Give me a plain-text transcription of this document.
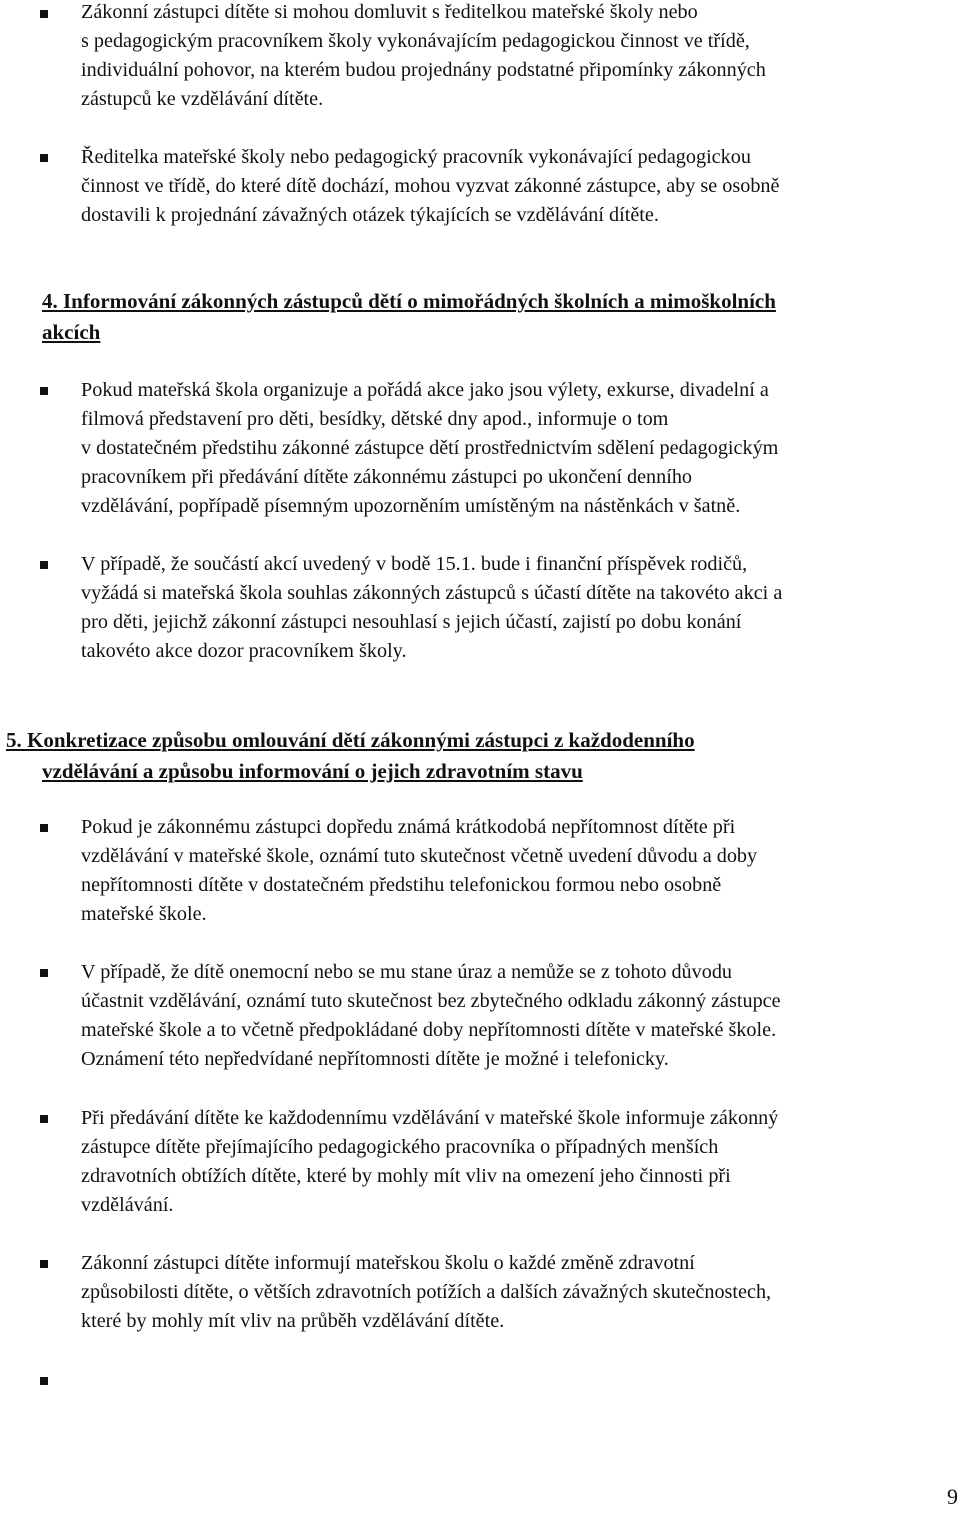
Zákonní zástupci dítěte si mohou domluvit s ředitelkou mateřské školy nebo
s pedagogickým pracovníkem školy vykonávajícím pedagogickou činnost ve třídě,
individuální pohovor, na kterém budou projednány podstatné připomínky zákonných
zástupců ke vzdělávání dítěte.
Ředitelka mateřské školy nebo pedagogický pracovník vykonávající pedagogickou
činnost ve třídě, do které dítě dochází, mohou vyzvat zákonné zástupce, aby se osobně
dostavili k projednání závažných otázek týkajících se vzdělávání dítěte.
4. Informování zákonných zástupců dětí o mimořádných školních a mimoškolních
akcích
Pokud mateřská škola organizuje a pořádá akce jako jsou výlety, exkurse, divadelní a
filmová představení pro děti, besídky, dětské dny apod., informuje o tom
v dostatečném předstihu zákonné zástupce dětí prostřednictvím sdělení pedagogickým
pracovníkem při předávání dítěte zákonnému zástupci po ukončení denního
vzdělávání, popřípadě písemným upozorněním umístěným na nástěnkách v šatně.
V případě, že součástí akcí uvedený v bodě 15.1. bude i finanční příspěvek rodičů,
vyžádá si mateřská škola souhlas zákonných zástupců s účastí dítěte na takovéto akci a
pro děti, jejichž zákonní zástupci nesouhlasí s jejich účastí, zajistí po dobu konání
takovéto akce dozor pracovníkem školy.
5. Konkretizace způsobu omlouvání dětí zákonnými zástupci z každodenního
vzdělávání a způsobu informování o jejich zdravotním stavu
Pokud je zákonnému zástupci dopředu známá krátkodobá nepřítomnost dítěte při
vzdělávání v mateřské škole, oznámí tuto skutečnost včetně uvedení důvodu a doby
nepřítomnosti dítěte v dostatečném předstihu telefonickou formou nebo osobně
mateřské škole.
V případě, že dítě onemocní nebo se mu stane úraz a nemůže se z tohoto důvodu
účastnit vzdělávání, oznámí tuto skutečnost bez zbytečného odkladu zákonný zástupce
mateřské škole a to včetně předpokládané doby nepřítomnosti dítěte v mateřské škole.
Oznámení této nepředvídané nepřítomnosti dítěte je možné i telefonicky.
Při předávání dítěte ke každodennímu vzdělávání v mateřské škole informuje zákonný
zástupce dítěte přejímajícího pedagogického pracovníka o případných menších
zdravotních obtížích dítěte, které by mohly mít vliv na omezení jeho činnosti při
vzdělávání.
Zákonní zástupci dítěte informují mateřskou školu o každé změně zdravotní
způsobilosti dítěte, o větších zdravotních potížích a dalších závažných skutečnostech,
které by mohly mít vliv na průběh vzdělávání dítěte.
9
